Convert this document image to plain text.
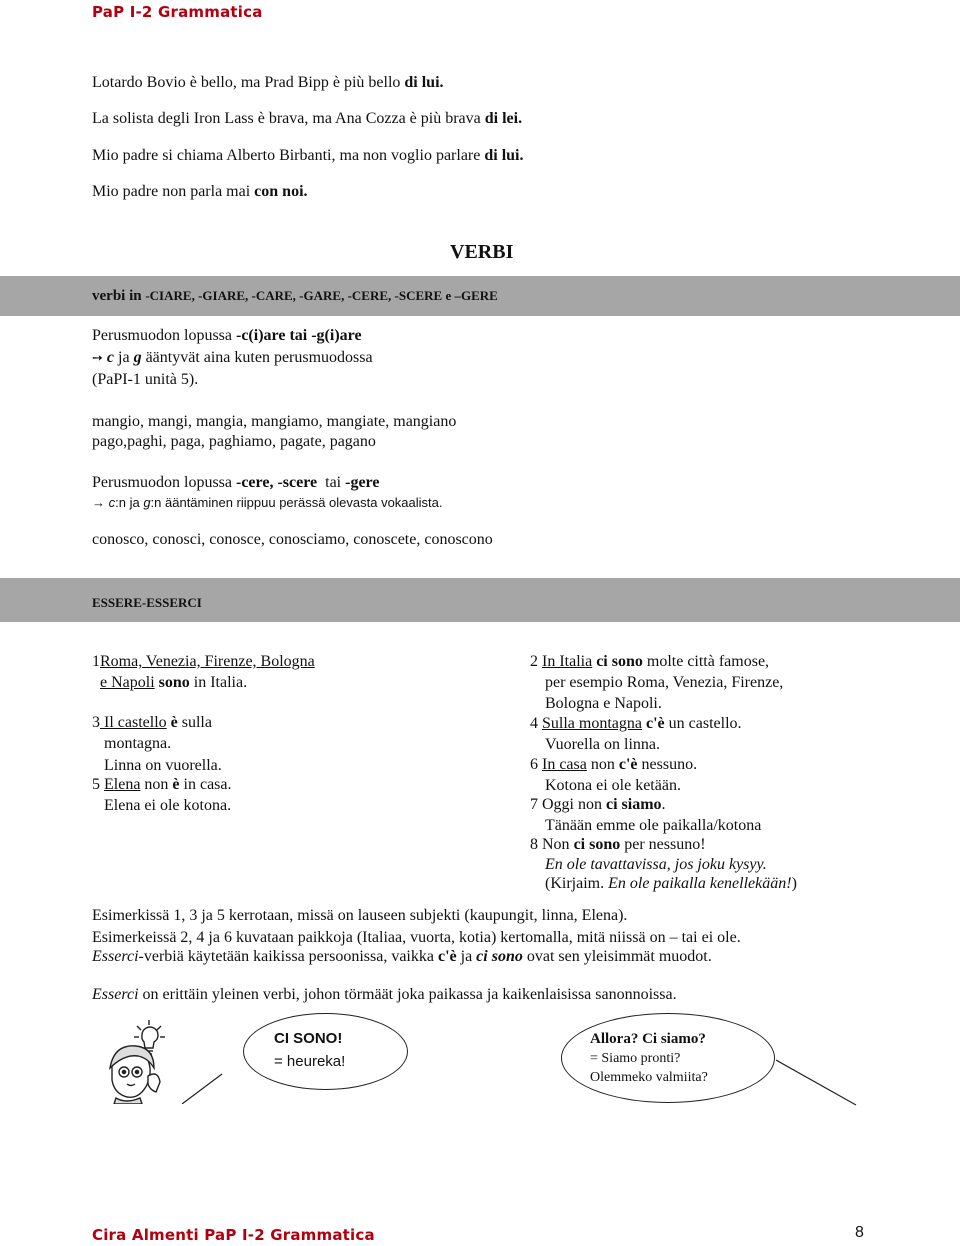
PaP I-2 Grammatica
Lotardo Bovio è bello, ma Prad Bipp è più bello di lui.
La solista degli Iron Lass è brava, ma Ana Cozza è più brava di lei.
Mio padre si chiama Alberto Birbanti, ma non voglio parlare di lui.
Mio padre non parla mai con noi.
VERBI
verbi in -CIARE, -GIARE, -CARE, -GARE, -CERE, -SCERE e –GERE
Perusmuodon lopussa -c(i)are tai -g(i)are
➙ c ja g ääntyvät aina kuten perusmuodossa
(PaPI-1 unità 5).
mangio, mangi, mangia, mangiamo, mangiate, mangiano
pago,paghi, paga, paghiamo, pagate, pagano
Perusmuodon lopussa -cere, -scere  tai -gere
→ c:n ja g:n ääntäminen riippuu perässä olevasta vokaalista.
conosco, conosci, conosce, conosciamo, conoscete, conoscono
ESSERE-ESSERCI
1Roma, Venezia, Firenze, Bologna
e Napoli sono in Italia.
3 Il castello è sulla
montagna.
Linna on vuorella.
5 Elena non è in casa.
Elena ei ole kotona.
2 In Italia ci sono molte città famose,
per esempio Roma, Venezia, Firenze,
Bologna e Napoli.
4 Sulla montagna c'è un castello.
Vuorella on linna.
6 In casa non c'è nessuno.
Kotona ei ole ketään.
7 Oggi non ci siamo.
Tänään emme ole paikalla/kotona
8 Non ci sono per nessuno!
En ole tavattavissa, jos joku kysyy.
(Kirjaim. En ole paikalla kenellekään!)
Esimerkissä 1, 3 ja 5 kerrotaan, missä on lauseen subjekti (kaupungit, linna, Elena).
Esimerkeissä 2, 4 ja 6 kuvataan paikkoja (Italiaa, vuorta, kotia) kertomalla, mitä niissä on – tai ei ole.
Esserci-verbiä käytetään kaikissa persoonissa, vaikka c'è ja ci sono ovat sen yleisimmät muodot.
Esserci on erittäin yleinen verbi, johon törmäät joka paikassa ja kaikenlaisissa sanonnoissa.
CI SONO!
= heureka!
Allora? Ci siamo?
= Siamo pronti?
Olemmeko valmiita?
Cira Almenti PaP I-2 Grammatica	8
